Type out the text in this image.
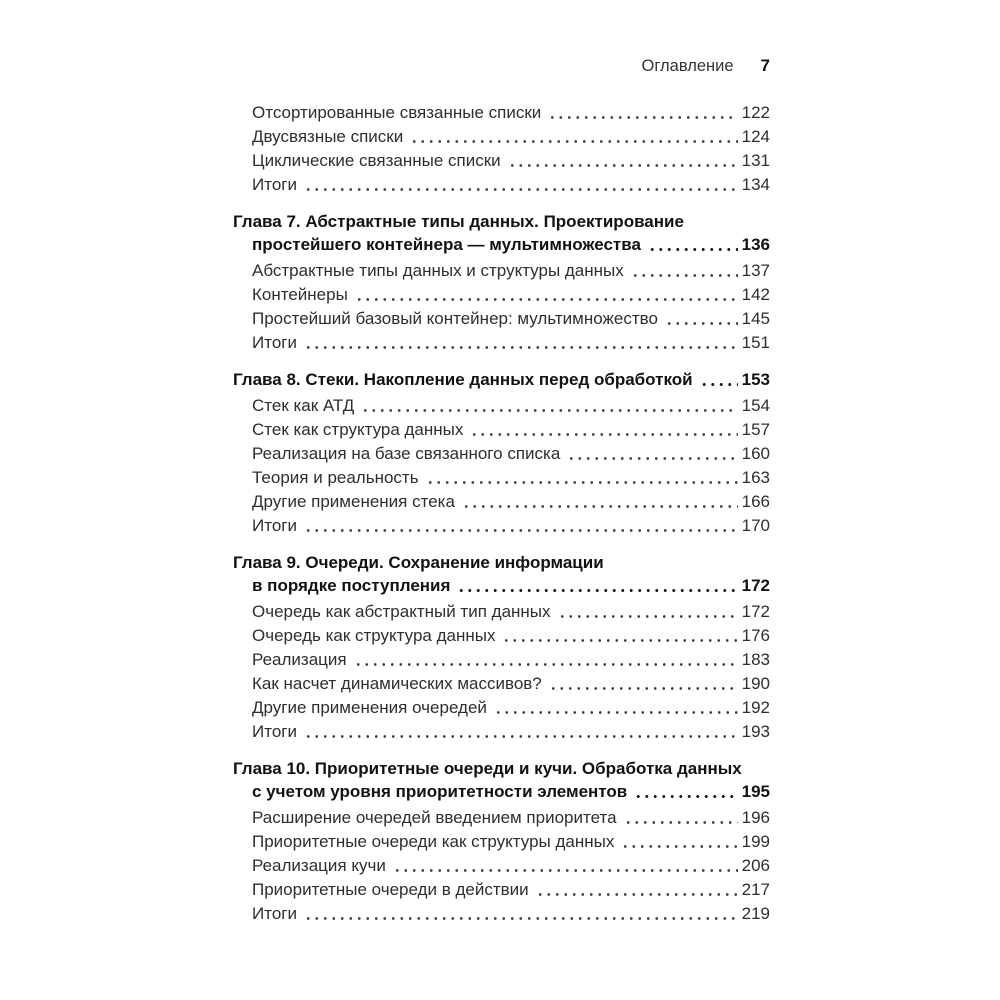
Оглавление 7
Отсортированные связанные списки	122
Двусвязные списки	124
Циклические связанные списки	131
Итоги	134
Глава 7. Абстрактные типы данных. Проектирование
простейшего контейнера — мультимножества	136
Абстрактные типы данных и структуры данных	137
Контейнеры	142
Простейший базовый контейнер: мультимножество	145
Итоги	151
Глава 8. Стеки. Накопление данных перед обработкой	153
Стек как АТД	154
Стек как структура данных	157
Реализация на базе связанного списка	160
Теория и реальность	163
Другие применения стека	166
Итоги	170
Глава 9. Очереди. Сохранение информации
в порядке поступления	172
Очередь как абстрактный тип данных	172
Очередь как структура данных	176
Реализация	183
Как насчет динамических массивов?	190
Другие применения очередей	192
Итоги	193
Глава 10. Приоритетные очереди и кучи. Обработка данных
с учетом уровня приоритетности элементов	195
Расширение очередей введением приоритета	196
Приоритетные очереди как структуры данных	199
Реализация кучи	206
Приоритетные очереди в действии	217
Итоги	219
